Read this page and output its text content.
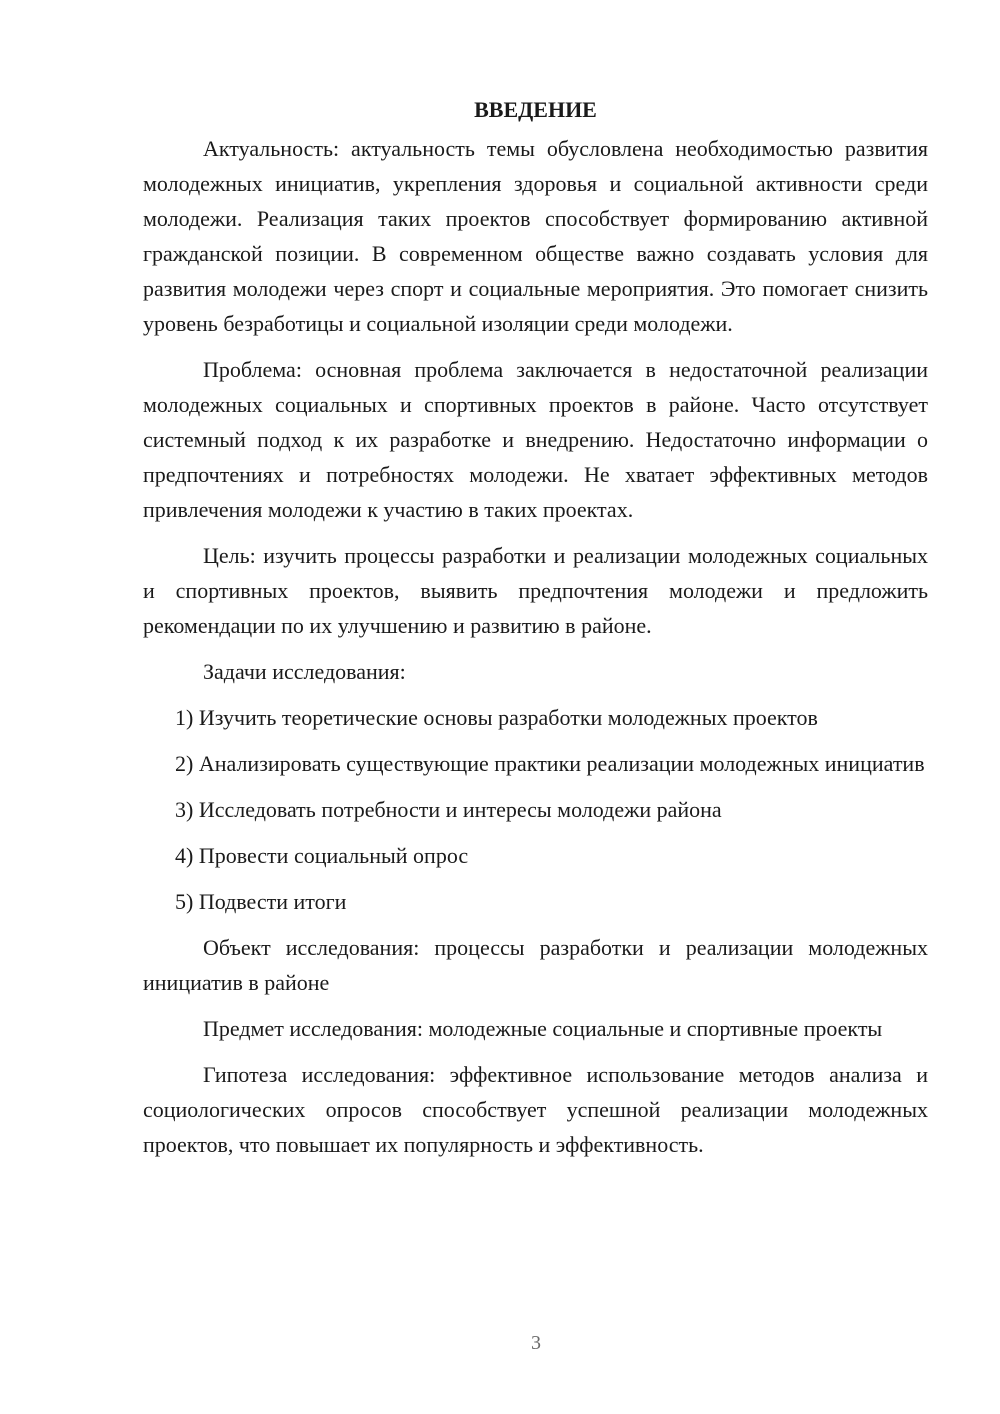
ВВЕДЕНИЕ

Актуальность: актуальность темы обусловлена необходимостью развития молодежных инициатив, укрепления здоровья и социальной активности среди молодежи. Реализация таких проектов способствует формированию активной гражданской позиции. В современном обществе важно создавать условия для развития молодежи через спорт и социальные мероприятия. Это помогает снизить уровень безработицы и социальной изоляции среди молодежи.

Проблема: основная проблема заключается в недостаточной реализации молодежных социальных и спортивных проектов в районе. Часто отсутствует системный подход к их разработке и внедрению. Недостаточно информации о предпочтениях и потребностях молодежи. Не хватает эффективных методов привлечения молодежи к участию в таких проектах.

Цель: изучить процессы разработки и реализации молодежных социальных и спортивных проектов, выявить предпочтения молодежи и предложить рекомендации по их улучшению и развитию в районе.

Задачи исследования:

1) Изучить теоретические основы разработки молодежных проектов

2) Анализировать существующие практики реализации молодежных инициатив

3) Исследовать потребности и интересы молодежи района

4) Провести социальный опрос

5) Подвести итоги

Объект исследования: процессы разработки и реализации молодежных инициатив в районе

Предмет исследования: молодежные социальные и спортивные проекты

Гипотеза исследования: эффективное использование методов анализа и социологических опросов способствует успешной реализации молодежных проектов, что повышает их популярность и эффективность.

3
